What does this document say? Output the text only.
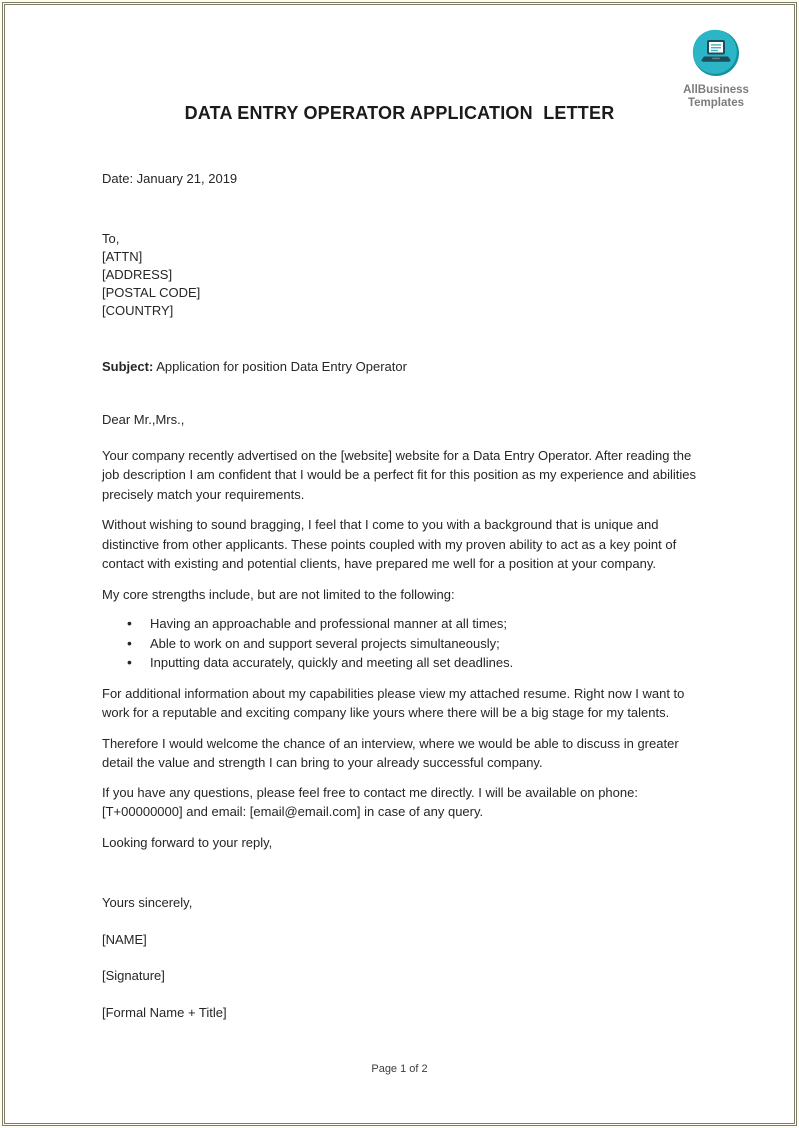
AllBusiness
Templates
DATA ENTRY OPERATOR APPLICATION  LETTER
Date: January 21, 2019
To,
[ATTN]
[ADDRESS]
[POSTAL CODE]
[COUNTRY]
Subject: Application for position Data Entry Operator
Dear Mr.,Mrs.,

Your company recently advertised on the [website] website for a Data Entry Operator. After reading the job description I am confident that I would be a perfect fit for this position as my experience and abilities precisely match your requirements.

Without wishing to sound bragging, I feel that I come to you with a background that is unique and distinctive from other applicants. These points coupled with my proven ability to act as a key point of contact with existing and potential clients, have prepared me well for a position at your company.

My core strengths include, but are not limited to the following:

• Having an approachable and professional manner at all times;
• Able to work on and support several projects simultaneously;
• Inputting data accurately, quickly and meeting all set deadlines.

For additional information about my capabilities please view my attached resume. Right now I want to work for a reputable and exciting company like yours where there will be a big stage for my talents.

Therefore I would welcome the chance of an interview, where we would be able to discuss in greater detail the value and strength I can bring to your already successful company.

If you have any questions, please feel free to contact me directly. I will be available on phone: [T+00000000] and email: [email@email.com] in case of any query.

Looking forward to your reply,

Yours sincerely,
[NAME]
[Signature]
[Formal Name + Title]
Page 1 of 2
